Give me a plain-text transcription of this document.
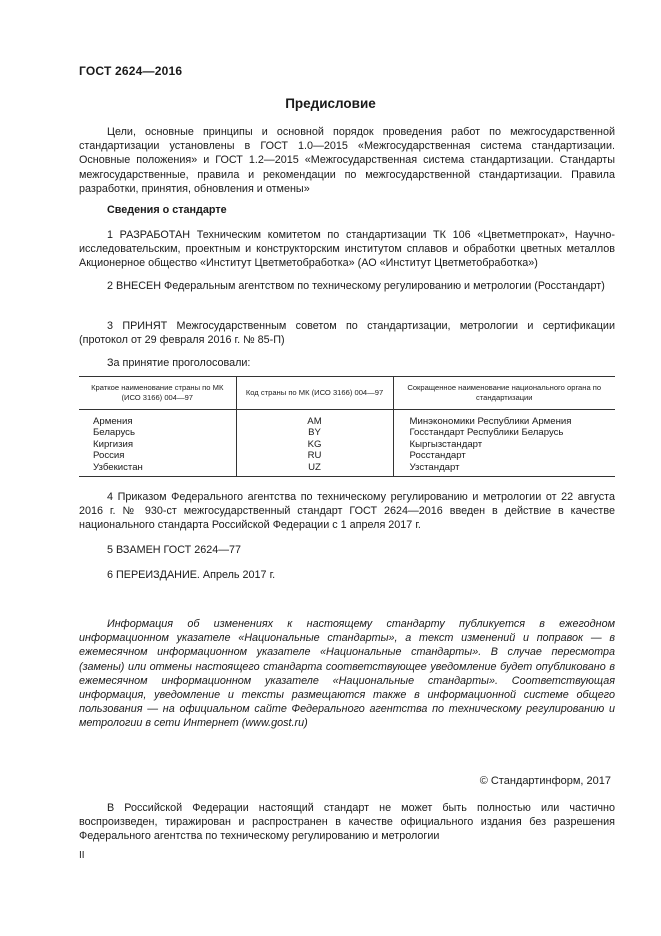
ГОСТ 2624—2016
Предисловие
Цели, основные принципы и основной порядок проведения работ по межгосударственной стандартизации установлены в ГОСТ 1.0—2015 «Межгосударственная система стандартизации. Основные положения» и ГОСТ 1.2—2015 «Межгосударственная система стандартизации. Стандарты межгосударственные, правила и рекомендации по межгосударственной стандартизации. Правила разработки, принятия, обновления и отмены»
Сведения о стандарте
1 РАЗРАБОТАН Техническим комитетом по стандартизации ТК 106 «Цветметпрокат», Научно-исследовательским, проектным и конструкторским институтом сплавов и обработки цветных металлов Акционерное общество «Институт Цветметобработка» (АО «Институт Цветметобработка»)
2 ВНЕСЕН Федеральным агентством по техническому регулированию и метрологии (Росстандарт)
3 ПРИНЯТ Межгосударственным советом по стандартизации, метрологии и сертификации (протокол от 29 февраля 2016 г. № 85-П)
За принятие проголосовали:
Краткое наименование страны по МК (ИСО 3166) 004—97	Код страны по МК (ИСО 3166) 004—97	Сокращенное наименование национального органа по стандартизации
Армения	AM	Минэкономики Республики Армения
Беларусь	BY	Госстандарт Республики Беларусь
Киргизия	KG	Кыргызстандарт
Россия	RU	Росстандарт
Узбекистан	UZ	Узстандарт
4 Приказом Федерального агентства по техническому регулированию и метрологии от 22 августа 2016 г. № 930-ст межгосударственный стандарт ГОСТ 2624—2016 введен в действие в качестве национального стандарта Российской Федерации с 1 апреля 2017 г.
5 ВЗАМЕН ГОСТ 2624—77
6 ПЕРЕИЗДАНИЕ. Апрель 2017 г.
Информация об изменениях к настоящему стандарту публикуется в ежегодном информационном указателе «Национальные стандарты», а текст изменений и поправок — в ежемесячном информационном указателе «Национальные стандарты». В случае пересмотра (замены) или отмены настоящего стандарта соответствующее уведомление будет опубликовано в ежемесячном информационном указателе «Национальные стандарты». Соответствующая информация, уведомление и тексты размещаются также в информационной системе общего пользования — на официальном сайте Федерального агентства по техническому регулированию и метрологии в сети Интернет (www.gost.ru)
© Стандартинформ, 2017
В Российской Федерации настоящий стандарт не может быть полностью или частично воспроизведен, тиражирован и распространен в качестве официального издания без разрешения Федерального агентства по техническому регулированию и метрологии
II
